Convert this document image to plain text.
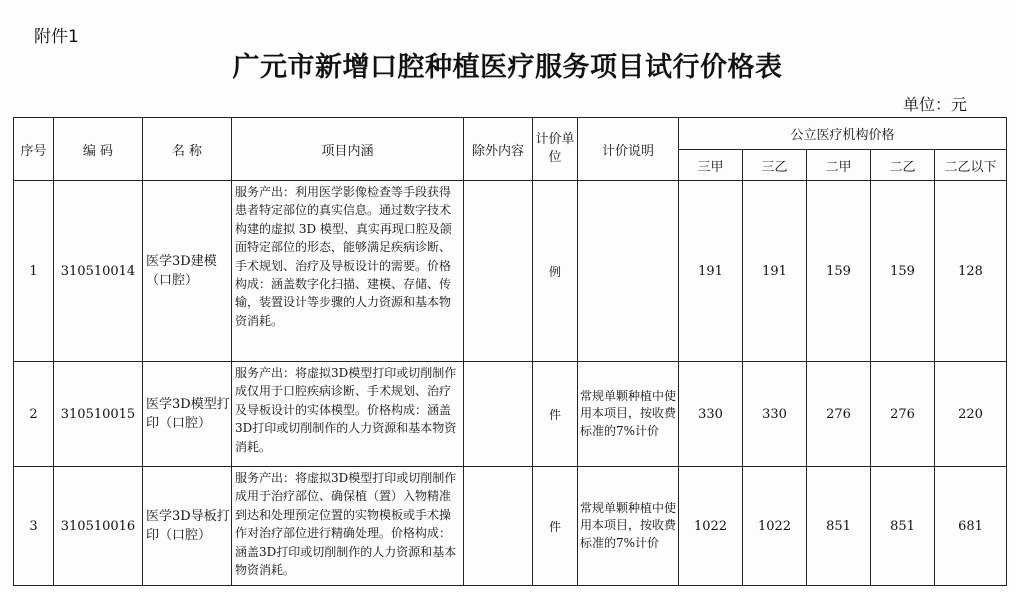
附件1
广元市新增口腔种植医疗服务项目试行价格表
单位：元
序号	编 码	名 称	项目内涵	除外内容	计价单位	计价说明	公立医疗机构价格				
							三甲	三乙	二甲	二乙	二乙以下
1	310510014	医学3D建模（口腔）	服务产出：利用医学影像检查等手段获得患者特定部位的真实信息。通过数字技术构建的虚拟 3D 模型、真实再现口腔及颌面特定部位的形态，能够满足疾病诊断、手术规划、治疗及导板设计的需要。价格构成：涵盖数字化扫描、建模、存储、传输，装置设计等步骤的人力资源和基本物资消耗。		例		191	191	159	159	128
2	310510015	医学3D模型打印（口腔）	服务产出：将虚拟3D模型打印或切削制作成仅用于口腔疾病诊断、手术规划、治疗及导板设计的实体模型。价格构成：涵盖3D打印或切削制作的人力资源和基本物资消耗。		件	常规单颗种植中使用本项目，按收费标准的7%计价	330	330	276	276	220
3	310510016	医学3D导板打印（口腔）	服务产出：将虚拟3D模型打印或切削制作成用于治疗部位、确保植（置）入物精准到达和处理预定位置的实物模板或手术操作对治疗部位进行精确处理。价格构成：涵盖3D打印或切削制作的人力资源和基本物资消耗。		件	常规单颗种植中使用本项目，按收费标准的7%计价	1022	1022	851	851	681
